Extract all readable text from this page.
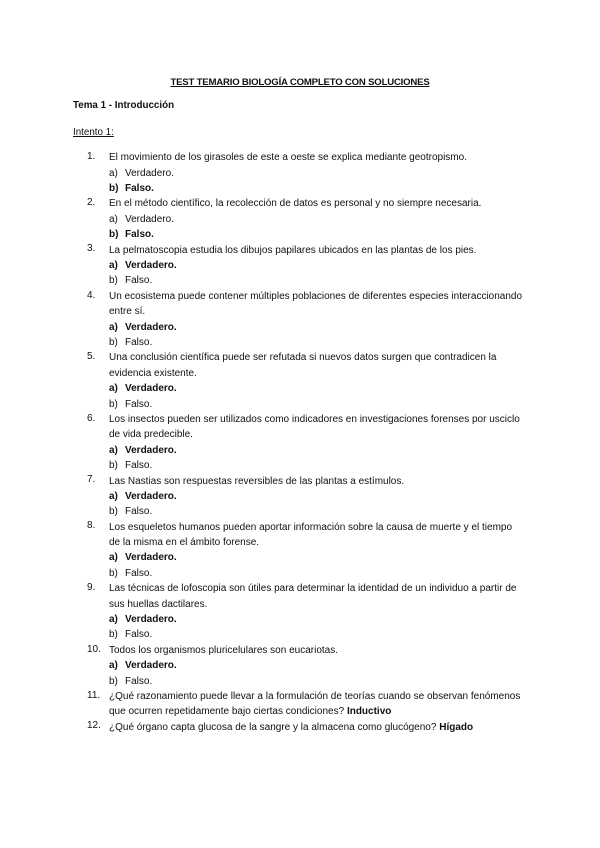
TEST TEMARIO BIOLOGÍA COMPLETO CON SOLUCIONES
Tema 1 - Introducción
Intento 1:
1. El movimiento de los girasoles de este a oeste se explica mediante geotropismo.
a) Verdadero.
b) Falso.
2. En el método científico, la recolección de datos es personal y no siempre necesaria.
a) Verdadero.
b) Falso.
3. La pelmatoscopia estudia los dibujos papilares ubicados en las plantas de los pies.
a) Verdadero.
b) Falso.
4. Un ecosistema puede contener múltiples poblaciones de diferentes especies interaccionando
entre sí.
a) Verdadero.
b) Falso.
5. Una conclusión científica puede ser refutada si nuevos datos surgen que contradicen la
evidencia existente.
a) Verdadero.
b) Falso.
6. Los insectos pueden ser utilizados como indicadores en investigaciones forenses por usciclo
de vida predecible.
a) Verdadero.
b) Falso.
7. Las Nastias son respuestas reversibles de las plantas a estímulos.
a) Verdadero.
b) Falso.
8. Los esqueletos humanos pueden aportar información sobre la causa de muerte y el tiempo
de la misma en el ámbito forense.
a) Verdadero.
b) Falso.
9. Las técnicas de lofoscopia son útiles para determinar la identidad de un individuo a partir de
sus huellas dactilares.
a) Verdadero.
b) Falso.
10. Todos los organismos pluricelulares son eucariotas.
a) Verdadero.
b) Falso.
11. ¿Qué razonamiento puede llevar a la formulación de teorías cuando se observan fenómenos
que ocurren repetidamente bajo ciertas condiciones? Inductivo
12. ¿Qué órgano capta glucosa de la sangre y la almacena como glucógeno? Hígado
